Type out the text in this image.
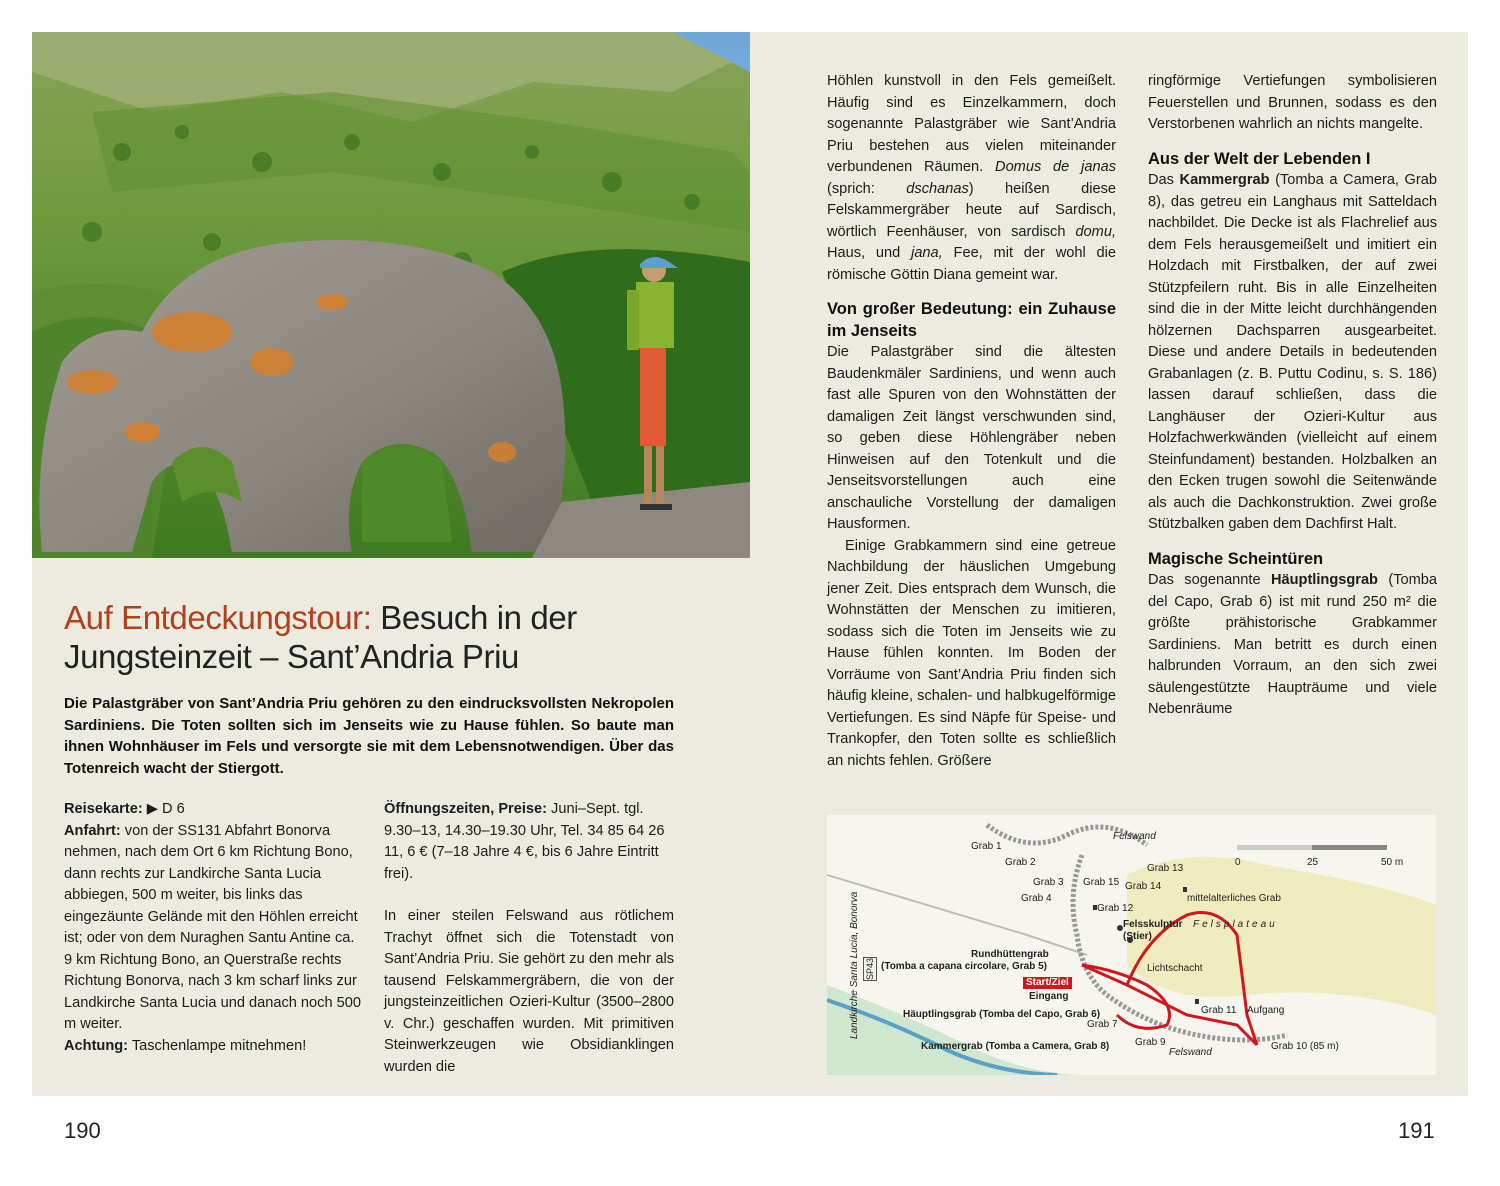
Auf Entdeckungstour: Besuch in der
Jungsteinzeit – Sant’Andria Priu
Die Palastgräber von Sant’Andria Priu gehören zu den eindrucksvollsten Nekropolen Sardiniens. Die Toten sollten sich im Jenseits wie zu Hause fühlen. So baute man ihnen Wohnhäuser im Fels und versorgte sie mit dem Lebensnotwendigen. Über das Totenreich wacht der Stiergott.

Reisekarte: ▶ D 6

Anfahrt: von der SS131 Abfahrt Bonorva nehmen, nach dem Ort 6 km Richtung Bono, dann rechts zur Landkirche Santa Lucia abbiegen, 500 m weiter, bis links das eingezäunte Gelände mit den Höhlen erreicht ist; oder von dem Nuraghen Santu Antine ca. 9 km Richtung Bono, an Querstraße rechts Richtung Bonorva, nach 3 km scharf links zur Landkirche Santa Lucia und danach noch 500 m weiter.

Achtung: Taschenlampe mitnehmen!

Öffnungszeiten, Preise: Juni–Sept. tgl. 9.30–13, 14.30–19.30 Uhr, Tel. 34 85 64 26 11, 6 € (7–18 Jahre 4 €, bis 6 Jahre Eintritt frei).

In einer steilen Felswand aus rötlichem Trachyt öffnet sich die Totenstadt von Sant’Andria Priu. Sie gehört zu den mehr als tausend Felskammergräbern, die von der jungsteinzeitlichen Ozieri-Kultur (3500–2800 v. Chr.) geschaffen wurden. Mit primitiven Steinwerkzeugen wie Obsidianklingen wurden die

Höhlen kunstvoll in den Fels gemeißelt. Häufig sind es Einzelkammern, doch sogenannte Palastgräber wie Sant’Andria Priu bestehen aus vielen miteinander verbundenen Räumen. Domus de janas (sprich: dschanas) heißen diese Felskammergräber heute auf Sardisch, wörtlich Feenhäuser, von sardisch domu, Haus, und jana, Fee, mit der wohl die römische Göttin Diana gemeint war.

Von großer Bedeutung: ein Zuhause im Jenseits

Die Palastgräber sind die ältesten Baudenkmäler Sardiniens, und wenn auch fast alle Spuren von den Wohnstätten der damaligen Zeit längst verschwunden sind, so geben diese Höhlengräber neben Hinweisen auf den Totenkult und die Jenseitsvorstellungen auch eine anschauliche Vorstellung der damaligen Hausformen.

Einige Grabkammern sind eine getreue Nachbildung der häuslichen Umgebung jener Zeit. Dies entsprach dem Wunsch, die Wohnstätten der Menschen zu imitieren, sodass sich die Toten im Jenseits wie zu Hause fühlen konnten. Im Boden der Vorräume von Sant’Andria Priu finden sich häufig kleine, schalen- und halbkugelförmige Vertiefungen. Es sind Näpfe für Speise- und Trankopfer, den Toten sollte es schließlich an nichts fehlen. Größere

ringförmige Vertiefungen symbolisieren Feuerstellen und Brunnen, sodass es den Verstorbenen wahrlich an nichts mangelte.

Aus der Welt der Lebenden I

Das Kammergrab (Tomba a Camera, Grab 8), das getreu ein Langhaus mit Satteldach nachbildet. Die Decke ist als Flachrelief aus dem Fels herausgemeißelt und imitiert ein Holzdach mit Firstbalken, der auf zwei Stützpfeilern ruht. Bis in alle Einzelheiten sind die in der Mitte leicht durchhängenden hölzernen Dachsparren ausgearbeitet. Diese und andere Details in bedeutenden Grabanlagen (z. B. Puttu Codinu, s. S. 186) lassen darauf schließen, dass die Langhäuser der Ozieri-Kultur aus Holzfachwerkwänden (vielleicht auf einem Steinfundament) bestanden. Holzbalken an den Ecken trugen sowohl die Seitenwände als auch die Dachkonstruktion. Zwei große Stützbalken gaben dem Dachfirst Halt.

Magische Scheintüren

Das sogenannte Häuptlingsgrab (Tomba del Capo, Grab 6) ist mit rund 250 m² die größte prähistorische Grabkammer Sardiniens. Man betritt es durch einen halbrunden Vorraum, an den sich zwei säulengestützte Haupträume und viele Nebenräume

Felswand
Felswand
Felsplateau
0	25	50 m
Grab 1
Grab 2
Grab 3
Grab 4
Grab 7
Grab 9	Grab 10 (85 m)
Grab 11
Grab 12
Grab 13
Grab 14
Grab 15
mittelalterliches Grab
Felsskulptur
(Stier)
Lichtschacht
Aufgang
Rundhüttengrab
(Tomba a capana circolare, Grab 5)
Start/Ziel
Eingang
Häuptlingsgrab (Tomba del Capo, Grab 6)
Kammergrab (Tomba a Camera, Grab 8)
Landkirche Santa Lucia, Bonorva SP43
190	191
